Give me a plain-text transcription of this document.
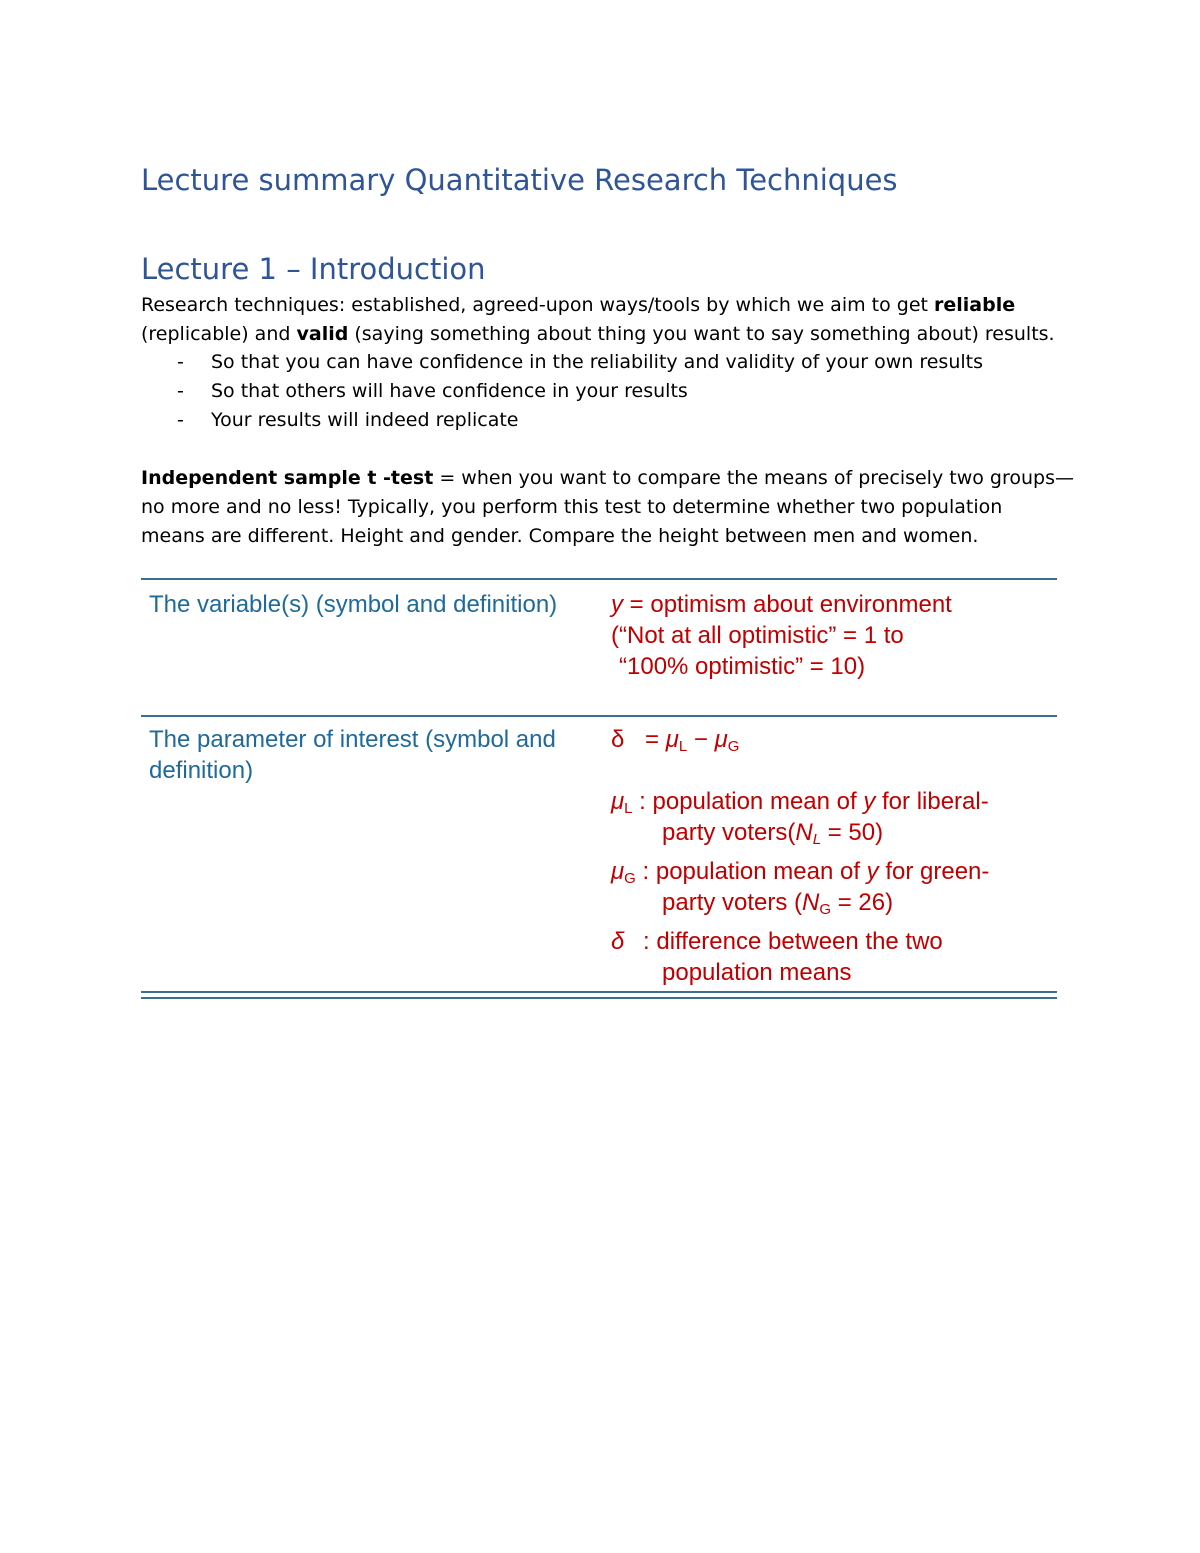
Lecture summary Quantitative Research Techniques
Lecture 1 – Introduction

Research techniques: established, agreed-upon ways/tools by which we aim to get reliable

(replicable) and valid (saying something about thing you want to say something about) results.

- So that you can have confidence in the reliability and validity of your own results
- So that others will have confidence in your results
- Your results will indeed replicate

Independent sample t -test = when you want to compare the means of precisely two groups—

no more and no less! Typically, you perform this test to determine whether two population

means are different. Height and gender. Compare the height between men and women.

The variable(s) (symbol and definition)	y = optimism about environment
(“Not at all optimistic” = 1 to
“100% optimistic” = 10)
The parameter of interest (symbol and
definition)
$\delta = \mu_L - \mu_G$
$\mu_L$ : population mean of y for liberal-
party $voters(N_L = 50)$
$\mu_G$ : population mean of y for green-
party voters $(N_G = 26)$
δ : difference between the two
population means
